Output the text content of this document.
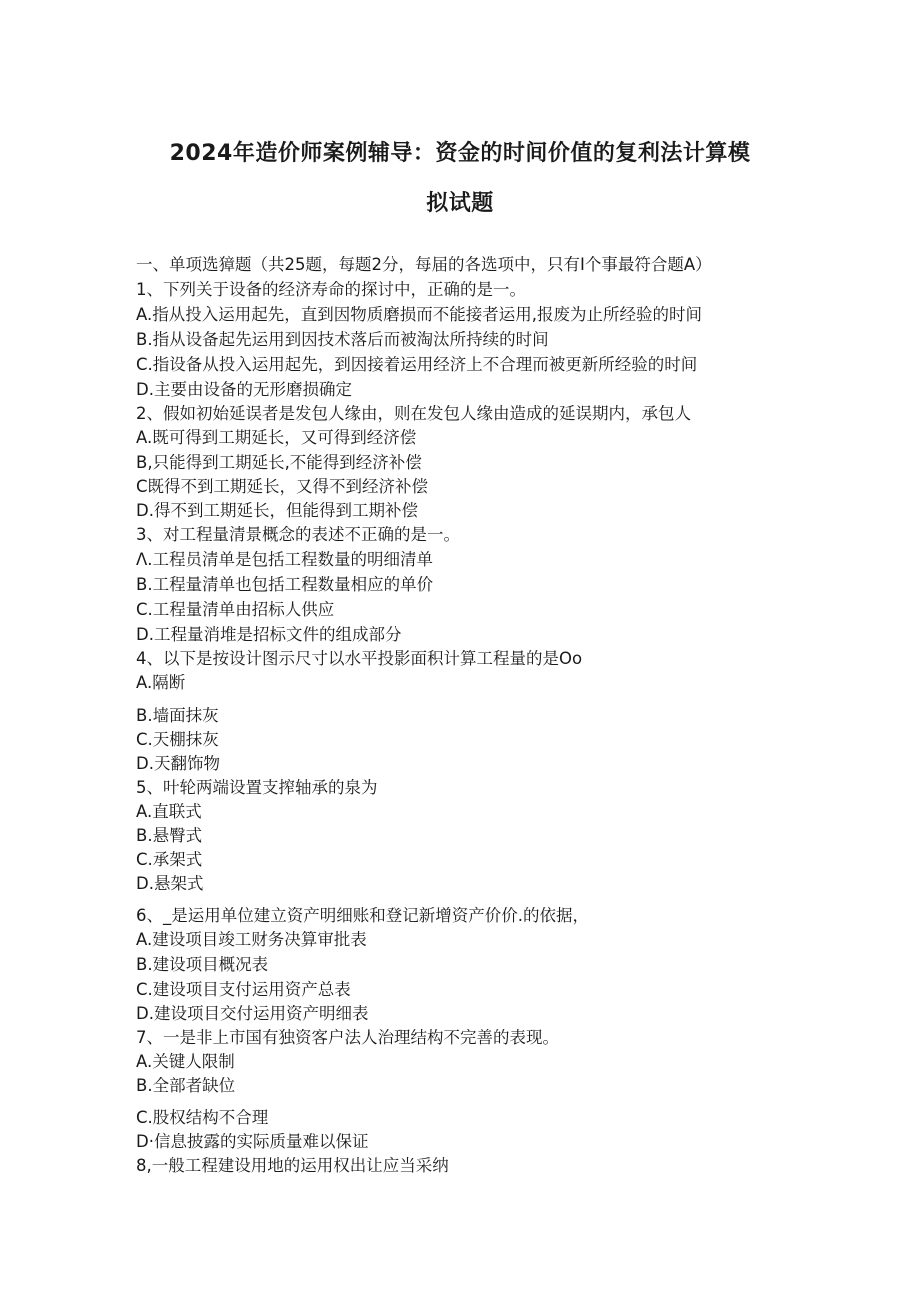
2024年造价师案例辅导：资金的时间价值的复利法计算模
拟试题
一、单项选獐题（共25题，每题2分，每届的各选项中，只有I个事最符合题A）
1、下列关于设备的经济寿命的探讨中，正确的是一。
A.指从投入运用起先，直到因物质磨损而不能接者运用,报废为止所经验的时间
B.指从设备起先运用到因技术落后而被淘汰所持续的时间
C.指设备从投入运用起先，到因接着运用经济上不合理而被更新所经验的时间
D.主要由设备的无形磨损确定
2、假如初始延误者是发包人缘由，则在发包人缘由造成的延误期内，承包人
A.既可得到工期延长，又可得到经济偿
B,只能得到工期延长,不能得到经济补偿
C既得不到工期延长，又得不到经济补偿
D.得不到工期延长，但能得到工期补偿
3、对工程量清景概念的表述不正确的是一。
Λ.工程员清单是包括工程数量的明细清单
B.工程量清单也包括工程数量相应的单价
C.工程量清单由招标人供应
D.工程量消堆是招标文件的组成部分
4、以下是按设计图示尺寸以水平投影面积计算工程量的是Oo
A.隔断
B.墙面抹灰
C.天棚抹灰
D.天翻饰物
5、叶轮两端设置支搾轴承的泉为
A.直联式
B.悬臀式
C.承架式
D.悬架式
6、_是运用单位建立资产明细账和登记新增资产价价.的依据，
A.建设项目竣工财务决算审批表
B.建设项目概况表
C.建设项目支付运用资产总表
D.建设项目交付运用资产明细表
7、一是非上市国有独资客户法人治理结构不完善的表现。
A.关键人限制
B.全部者缺位
C.股权结构不合理
D·信息披露的实际质量难以保证
8,一般工程建设用地的运用权出让应当采纳
